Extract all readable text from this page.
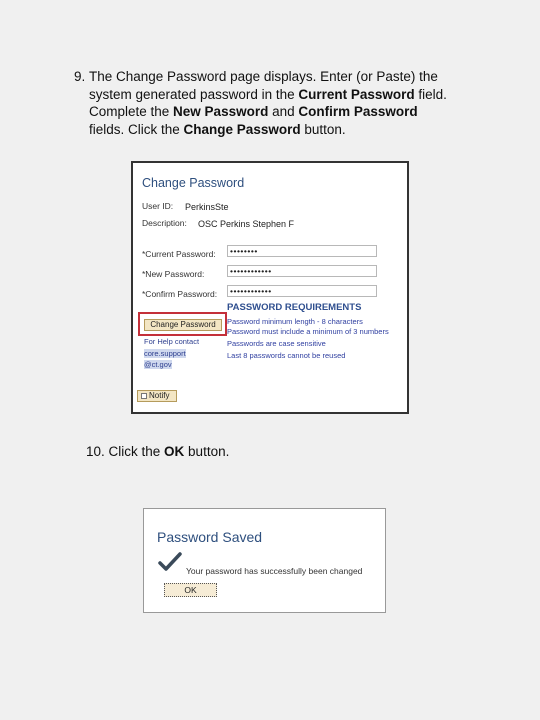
9. The Change Password page displays. Enter (or Paste) the
system generated password in the Current Password field.
Complete the New Password and Confirm Password
fields. Click the Change Password button.
Change Password
User ID: PerkinsSte
Description: OSC Perkins Stephen F
*Current Password:	••••••••
*New Password:	••••••••••••
*Confirm Password:	••••••••••••
PASSWORD REQUIREMENTS
Password minimum length - 8 characters
Password must include a minimum of 3 numbers
Passwords are case sensitive
Last 8 passwords cannot be reused
Change Password
For Help contact
core.support
@ct.gov
Notify
10. Click the OK button.
Password Saved
Your password has successfully been changed
OK
